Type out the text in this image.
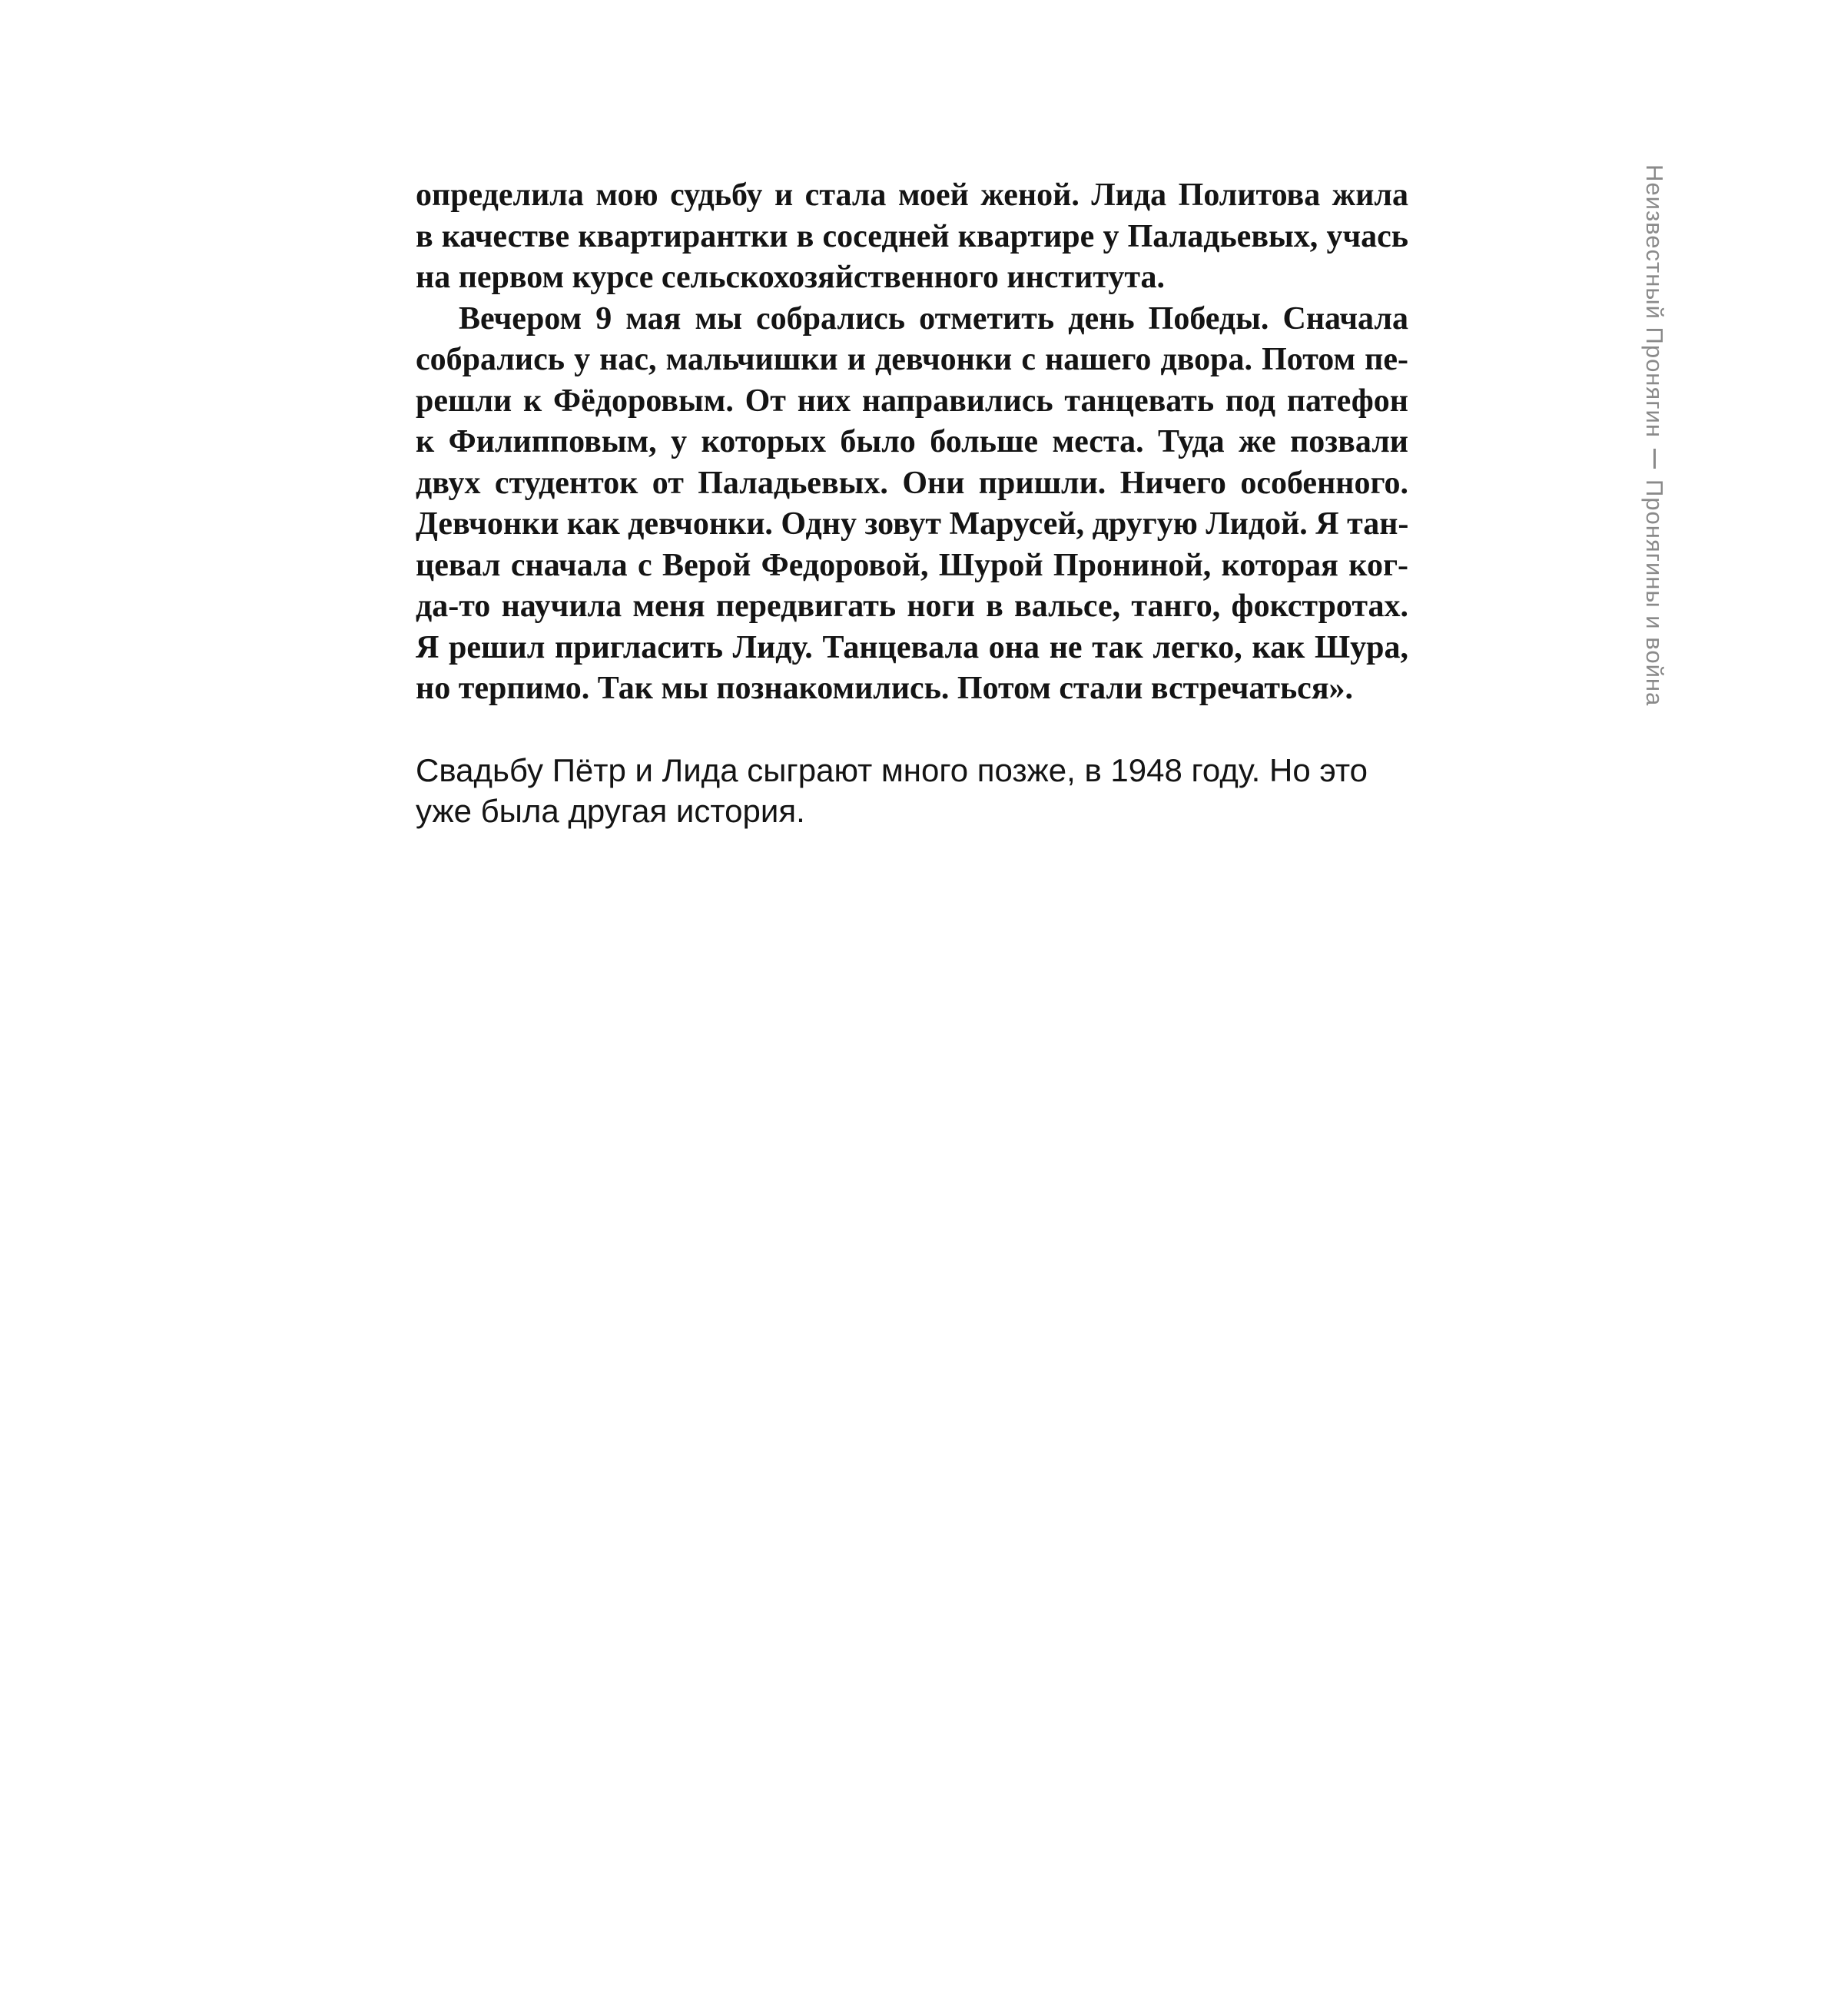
определила мою судьбу и стала моей женой. Лида Политова жила
в качестве квартирантки в соседней квартире у Паладьевых, учась
на первом курсе сельскохозяйственного института.
Вечером 9 мая мы собрались отметить день Победы. Сначала
собрались у нас, мальчишки и девчонки с нашего двора. Потом пе-
решли к Фёдоровым. От них направились танцевать под патефон
к Филипповым, у которых было больше места. Туда же позвали
двух студенток от Паладьевых. Они пришли. Ничего особенного.
Девчонки как девчонки. Одну зовут Марусей, другую Лидой. Я тан-
цевал сначала с Верой Федоровой, Шурой Прониной, которая ког-
да-то научила меня передвигать ноги в вальсе, танго, фокстротах.
Я решил пригласить Лиду. Танцевала она не так легко, как Шура,
но терпимо. Так мы познакомились. Потом стали встречаться».
Свадьбу Пётр и Лида сыграют много позже, в 1948 году. Но это
уже была другая история.
Неизвестный Пронягин
Пронягины и война
